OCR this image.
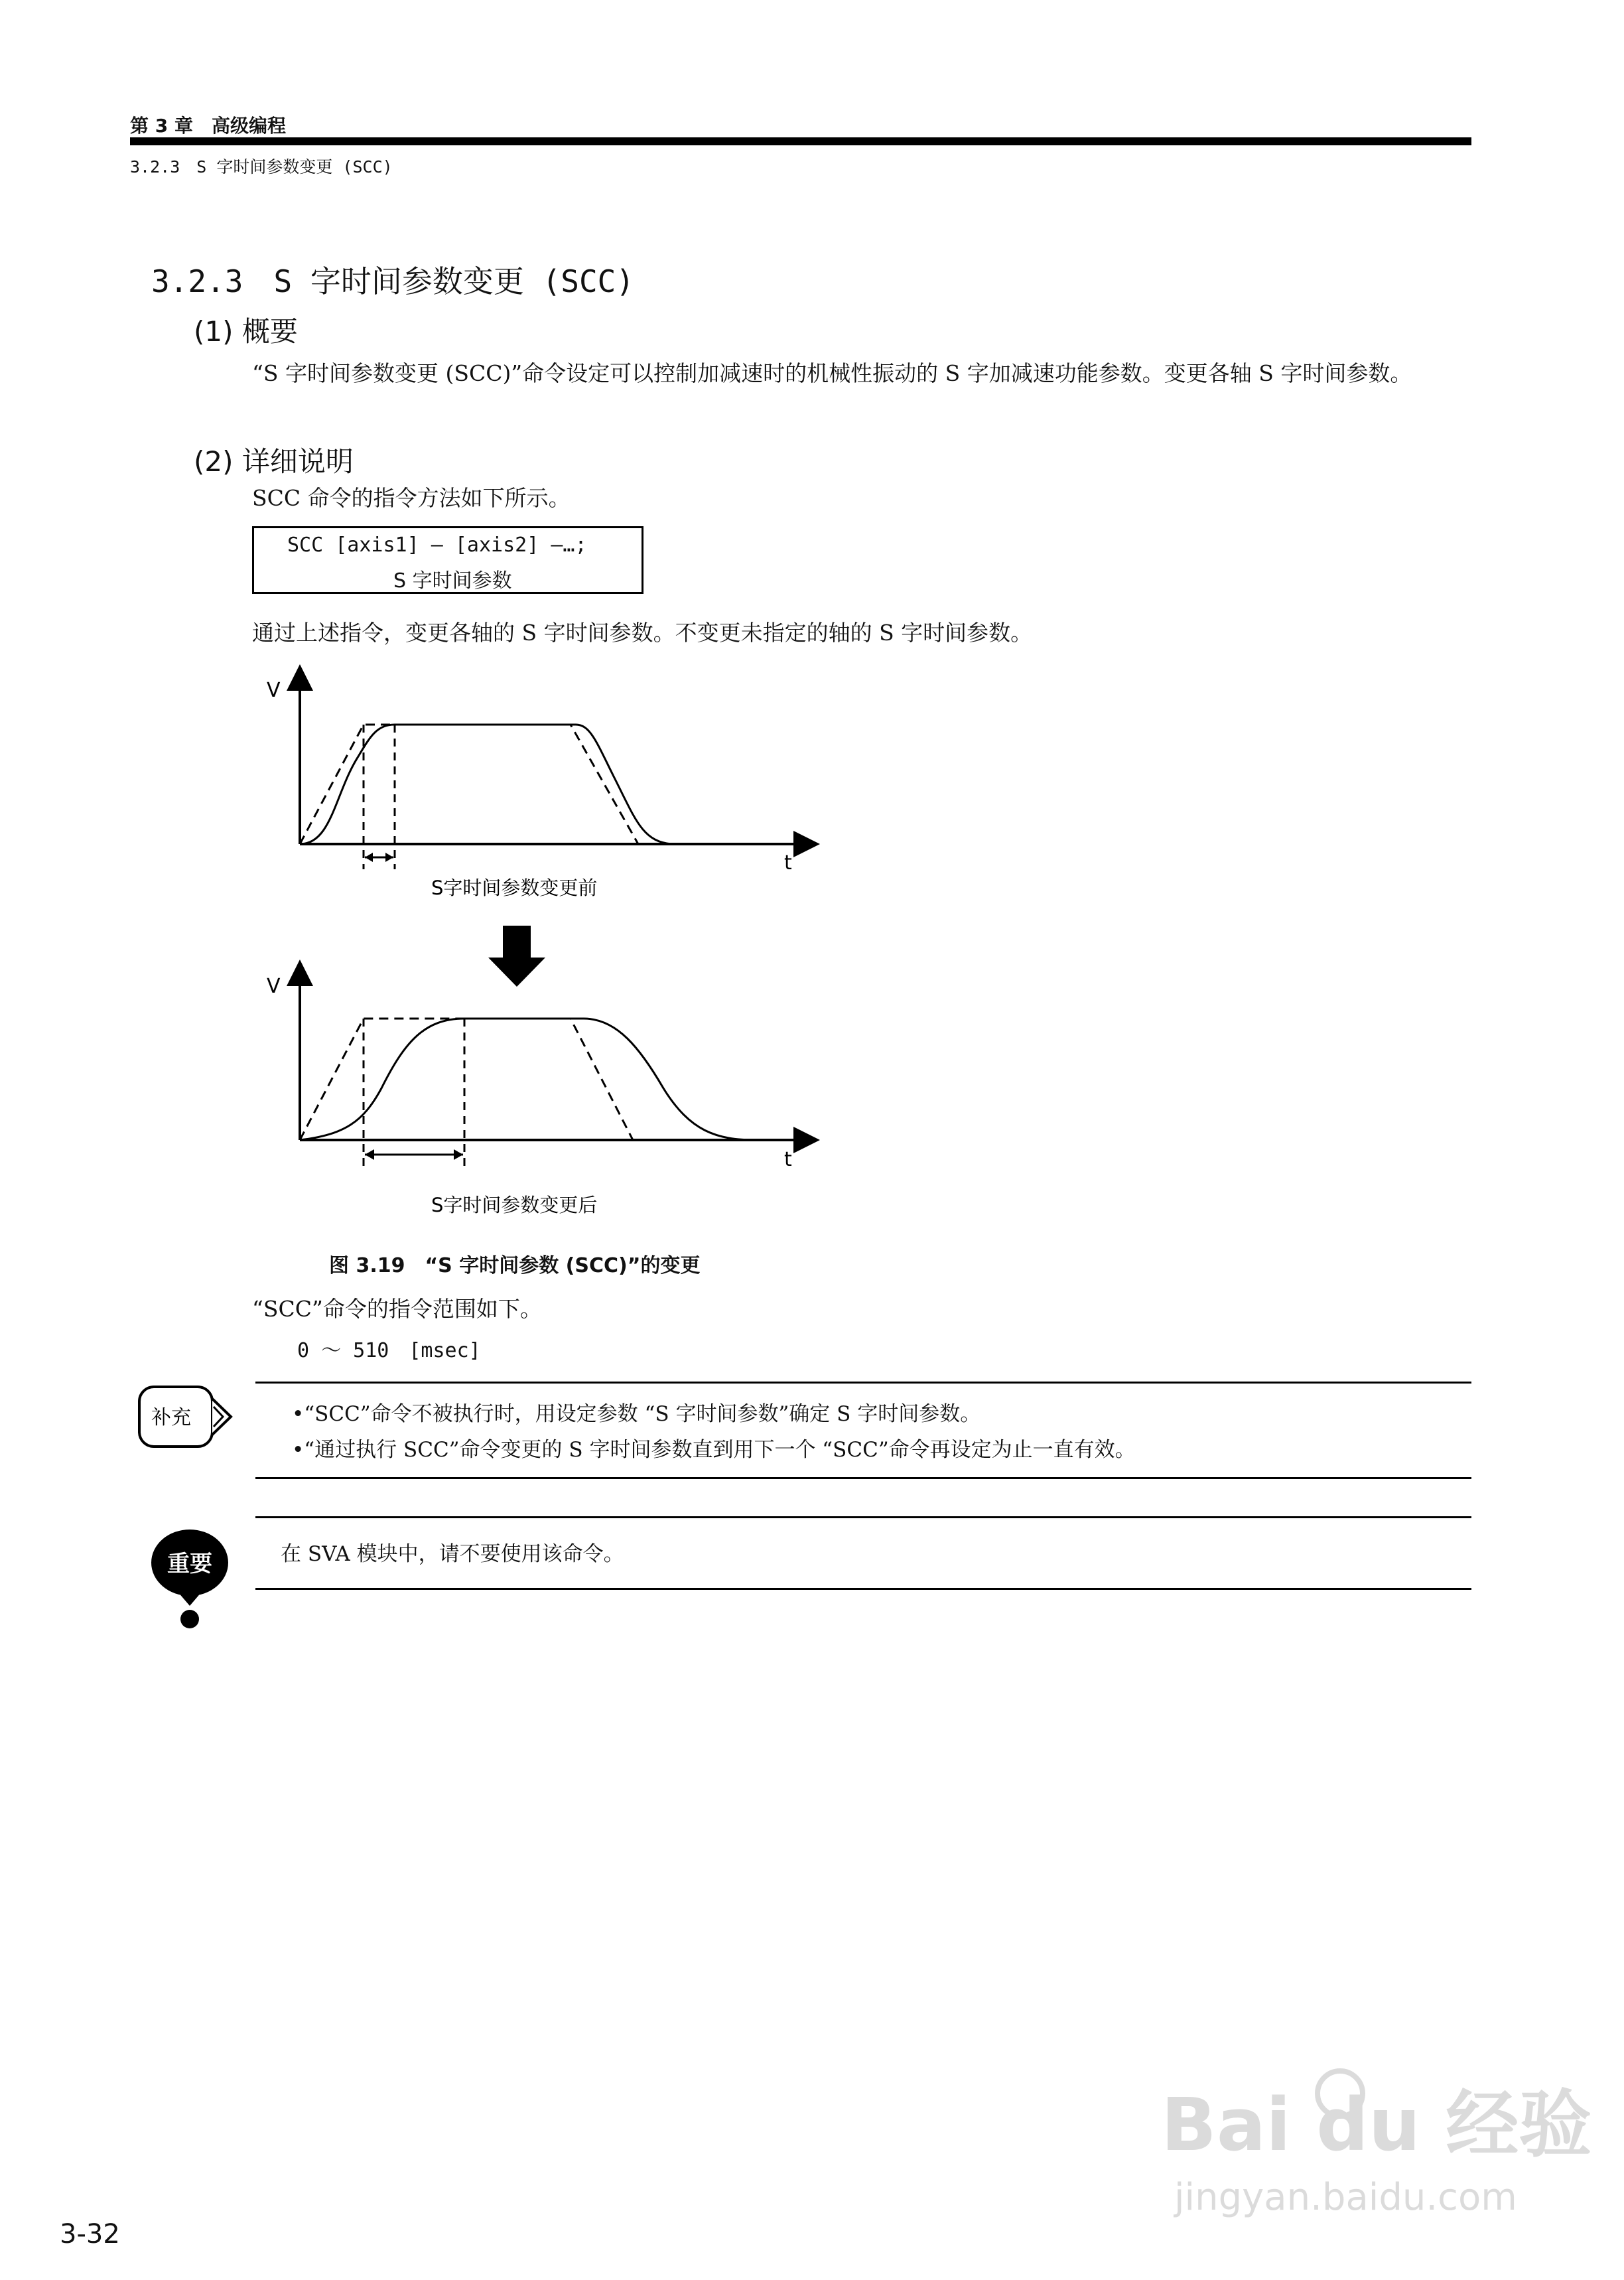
第 3 章　高级编程
3.2.3　S 字时间参数变更 (SCC)
3.2.3　S 字时间参数变更 (SCC)
(1) 概要
“S 字时间参数变更 (SCC)”命令设定可以控制加减速时的机械性振动的 S 字加减速功能参数。变更各轴 S 字时间参数。
(2) 详细说明
SCC 命令的指令方法如下所示。
SCC [axis1] — [axis2] —…;
S 字时间参数
通过上述指令，变更各轴的 S 字时间参数。不变更未指定的轴的 S 字时间参数。
V
t
S字时间参数变更前
V
t
S字时间参数变更后
补充
重要
Bai du 经验
jingyan.baidu.com
图 3.19　“S 字时间参数 (SCC)”的变更
“SCC”命令的指令范围如下。
0 ～ 510　[msec]
•“SCC”命令不被执行时，用设定参数 “S 字时间参数”确定 S 字时间参数。
•“通过执行 SCC”命令变更的 S 字时间参数直到用下一个 “SCC”命令再设定为止一直有效。
在 SVA 模块中，请不要使用该命令。
3-32
